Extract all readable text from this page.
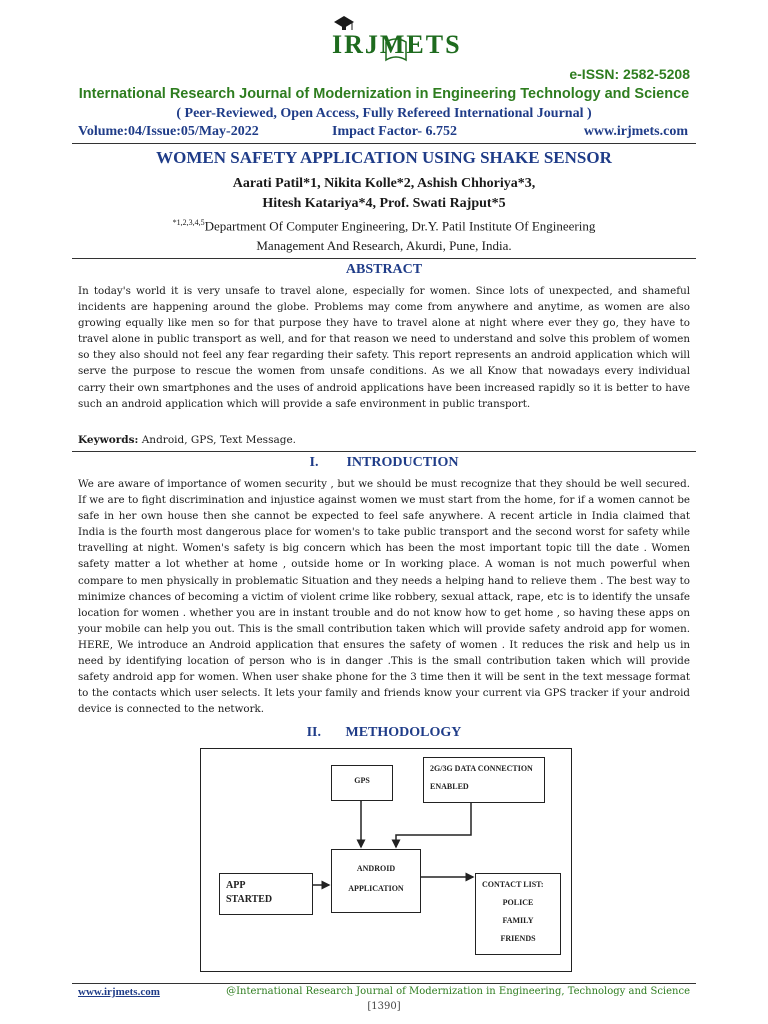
IRJMETS
e-ISSN: 2582-5208
International Research Journal of Modernization in Engineering Technology and Science
( Peer-Reviewed, Open Access, Fully Refereed International Journal )
Volume:04/Issue:05/May-2022	Impact Factor- 6.752	www.irjmets.com
WOMEN SAFETY APPLICATION USING SHAKE SENSOR
Aarati Patil*1, Nikita Kolle*2, Ashish Chhoriya*3,
Hitesh Katariya*4, Prof. Swati Rajput*5
$^{*1,2,3,4,5}$Department Of Computer Engineering, Dr.Y. Patil Institute Of Engineering
Management And Research, Akurdi, Pune, India.
ABSTRACT
In today's world it is very unsafe to travel alone, especially for women. Since lots of unexpected, and shameful incidents are happening around the globe. Problems may come from anywhere and anytime, as women are also growing equally like men so for that purpose they have to travel alone at night where ever they go, they have to travel alone in public transport as well, and for that reason we need to understand and solve this problem of women so they also should not feel any fear regarding their safety. This report represents an android application which will serve the purpose to rescue the women from unsafe conditions. As we all Know that nowadays every individual carry their own smartphones and the uses of android applications have been increased rapidly so it is better to have such an android application which will provide a safe environment in public transport.
Keywords: Android, GPS, Text Message.
I.        INTRODUCTION
We are aware of importance of women security , but we should be must recognize that they should be well secured. If we are to fight discrimination and injustice against women we must start from the home, for if a women cannot be safe in her own house then she cannot be expected to feel safe anywhere. A recent article in India claimed that India is the fourth most dangerous place for women's to take public transport and the second worst for safety while travelling at night. Women's safety is big concern which has been the most important topic till the date . Women safety matter a lot whether at home , outside home or In working place. A woman is not much powerful when compare to men physically in problematic Situation and they needs a helping hand to relieve them . The best way to minimize chances of becoming a victim of violent crime like robbery, sexual attack, rape, etc is to identify the unsafe location for women . whether you are in instant trouble and do not know how to get home , so having these apps on your mobile can help you out. This is the small contribution taken which will provide safety android app for women. HERE, We introduce an Android application that ensures the safety of women . It reduces the risk and help us in need by identifying location of person who is in danger .This is the small contribution taken which will provide safety android app for women. When user shake phone for the 3 time then it will be sent in the text message format to the contacts which user selects. It lets your family and friends know your current via GPS tracker if your android device is connected to the network.
II.       METHODOLOGY
GPS
2G/3G DATA CONNECTION
ENABLED
ANDROID
APPLICATION
APP
STARTED
CONTACT LIST:
POLICE
FAMILY
FRIENDS
www.irjmets.com	@International Research Journal of Modernization in Engineering, Technology and Science
[1390]
